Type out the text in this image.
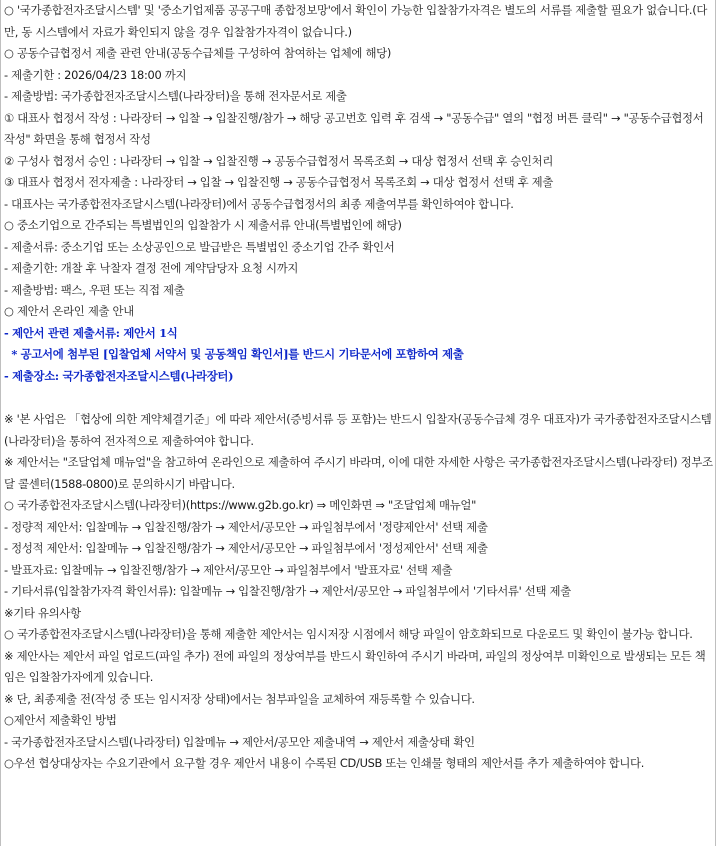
○ '국가종합전자조달시스템' 및 '중소기업제품 공공구매 종합정보망'에서 확인이 가능한 입찰참가자격은 별도의 서류를 제출할 필요가 없습니다.(다만, 동 시스템에서 자료가 확인되지 않을 경우 입찰참가자격이 없습니다.)
○ 공동수급협정서 제출 관련 안내(공동수급체를 구성하여 참여하는 업체에 해당)
- 제출기한 : 2026/04/23 18:00 까지
- 제출방법: 국가종합전자조달시스템(나라장터)을 통해 전자문서로 제출
① 대표사 협정서 작성 : 나라장터 → 입찰 → 입찰진행/참가 → 해당 공고번호 입력 후 검색 → "공동수급" 열의 "협정 버튼 클릭" → "공동수급협정서작성" 화면을 통해 협정서 작성
② 구성사 협정서 승인 : 나라장터 → 입찰 → 입찰진행 → 공동수급협정서 목록조회 → 대상 협정서 선택 후 승인처리
③ 대표사 협정서 전자제출 : 나라장터 → 입찰 → 입찰진행 → 공동수급협정서 목록조회 → 대상 협정서 선택 후 제출
- 대표사는 국가종합전자조달시스템(나라장터)에서 공동수급협정서의 최종 제출여부를 확인하여야 합니다.
○ 중소기업으로 간주되는 특별법인의 입찰참가 시 제출서류 안내(특별법인에 해당)
- 제출서류: 중소기업 또는 소상공인으로 발급받은 특별법인 중소기업 간주 확인서
- 제출기한: 개찰 후 낙찰자 결정 전에 계약담당자 요청 시까지
- 제출방법: 팩스, 우편 또는 직접 제출
○ 제안서 온라인 제출 안내
- 제안서 관련 제출서류: 제안서 1식
* 공고서에 첨부된 [입찰업체 서약서 및 공동책임 확인서]를 반드시 기타문서에 포함하여 제출
- 제출장소: 국가종합전자조달시스템(나라장터)
※ '본 사업은 「협상에 의한 계약체결기준」에 따라 제안서(증빙서류 등 포함)는 반드시 입찰자(공동수급체 경우 대표자)가 국가종합전자조달시스템(나라장터)을 통하여 전자적으로 제출하여야 합니다.
※ 제안서는 "조달업체 매뉴얼"을 참고하여 온라인으로 제출하여 주시기 바라며, 이에 대한 자세한 사항은 국가종합전자조달시스템(나라장터) 정부조달 콜센터(1588-0800)로 문의하시기 바랍니다.
○ 국가종합전자조달시스템(나라장터)(https://www.g2b.go.kr) ⇒ 메인화면 ⇒ "조달업체 매뉴얼"
- 정량적 제안서: 입찰메뉴 → 입찰진행/참가 → 제안서/공모안 → 파일첨부에서 '정량제안서' 선택 제출
- 정성적 제안서: 입찰메뉴 → 입찰진행/참가 → 제안서/공모안 → 파일첨부에서 '정성제안서' 선택 제출
- 발표자료: 입찰메뉴 → 입찰진행/참가 → 제안서/공모안 → 파일첨부에서 '발표자료' 선택 제출
- 기타서류(입찰참가자격 확인서류): 입찰메뉴 → 입찰진행/참가 → 제안서/공모안 → 파일첨부에서 '기타서류' 선택 제출
※기타 유의사항
○ 국가종합전자조달시스템(나라장터)을 통해 제출한 제안서는 임시저장 시점에서 해당 파일이 암호화되므로 다운로드 및 확인이 불가능 합니다.
※ 제안사는 제안서 파일 업로드(파일 추가) 전에 파일의 정상여부를 반드시 확인하여 주시기 바라며, 파일의 정상여부 미확인으로 발생되는 모든 책임은 입찰참가자에게 있습니다.
※ 단, 최종제출 전(작성 중 또는 임시저장 상태)에서는 첨부파일을 교체하여 재등록할 수 있습니다.
○제안서 제출확인 방법
- 국가종합전자조달시스템(나라장터) 입찰메뉴 → 제안서/공모안 제출내역 → 제안서 제출상태 확인
○우선 협상대상자는 수요기관에서 요구할 경우 제안서 내용이 수록된 CD/USB 또는 인쇄물 형태의 제안서를 추가 제출하여야 합니다.
